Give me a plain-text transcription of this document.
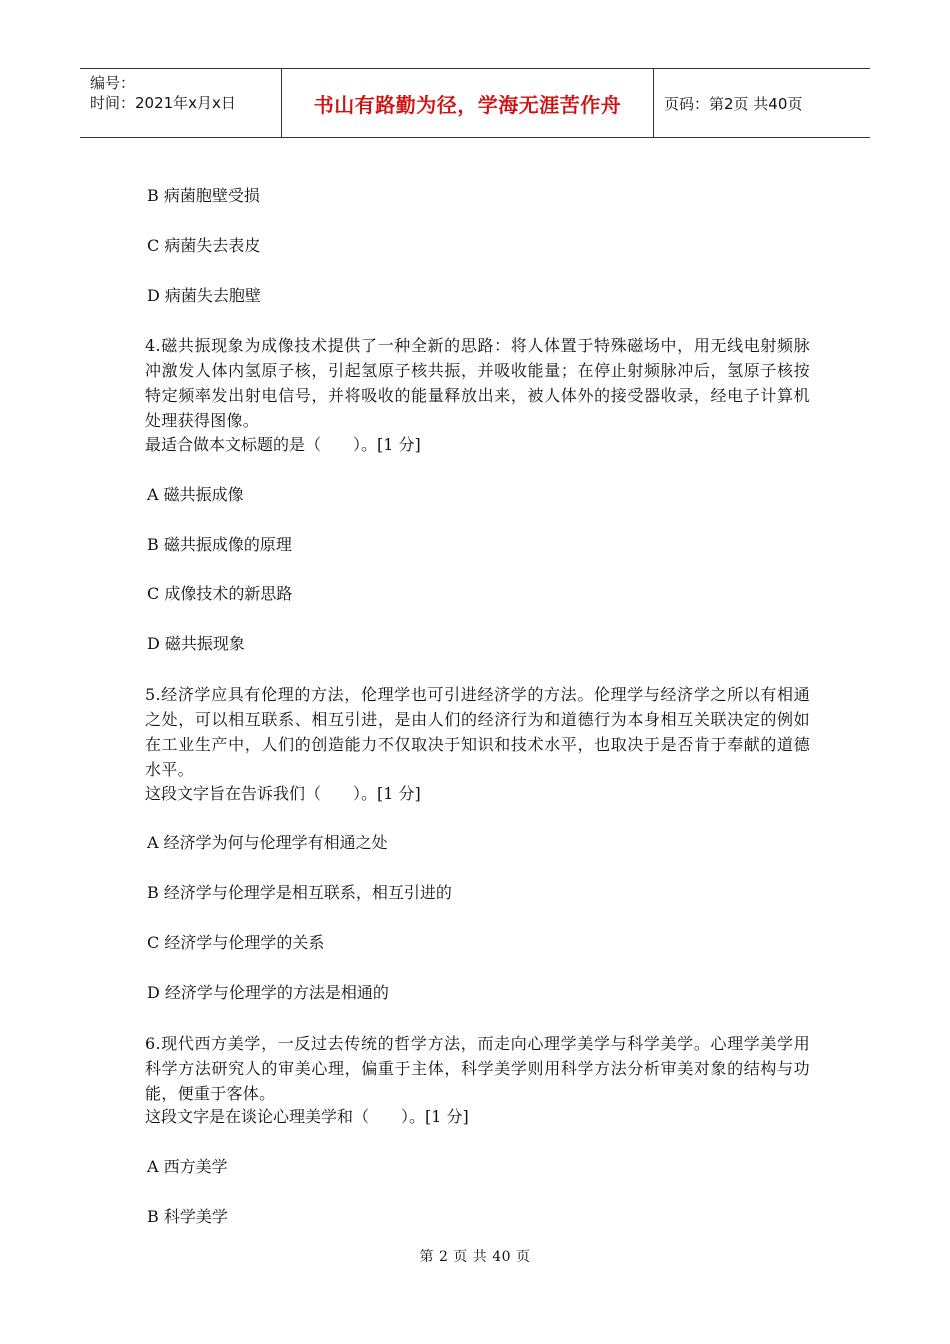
编号：
时间：2021年x月x日	书山有路勤为径，学海无涯苦作舟	页码：第2页 共40页
B 病菌胞壁受损
C 病菌失去表皮
D 病菌失去胞壁
4.磁共振现象为成像技术提供了一种全新的思路：将人体置于特殊磁场中，用无线电射频脉冲激发人体内氢原子核，引起氢原子核共振，并吸收能量；在停止射频脉冲后，氢原子核按特定频率发出射电信号，并将吸收的能量释放出来，被人体外的接受器收录，经电子计算机处理获得图像。
最适合做本文标题的是（　　）。[1 分]
A 磁共振成像
B 磁共振成像的原理
C 成像技术的新思路
D 磁共振现象
5.经济学应具有伦理的方法，伦理学也可引进经济学的方法。伦理学与经济学之所以有相通之处，可以相互联系、相互引进，是由人们的经济行为和道德行为本身相互关联决定的例如在工业生产中，人们的创造能力不仅取决于知识和技术水平，也取决于是否肯于奉献的道德水平。
这段文字旨在告诉我们（　　）。[1 分]
A 经济学为何与伦理学有相通之处
B 经济学与伦理学是相互联系，相互引进的
C 经济学与伦理学的关系
D 经济学与伦理学的方法是相通的
6.现代西方美学，一反过去传统的哲学方法，而走向心理学美学与科学美学。心理学美学用科学方法研究人的审美心理，偏重于主体，科学美学则用科学方法分析审美对象的结构与功能，便重于客体。
这段文字是在谈论心理美学和（　　）。[1 分]
A 西方美学
B 科学美学
第 2 页 共 40 页
